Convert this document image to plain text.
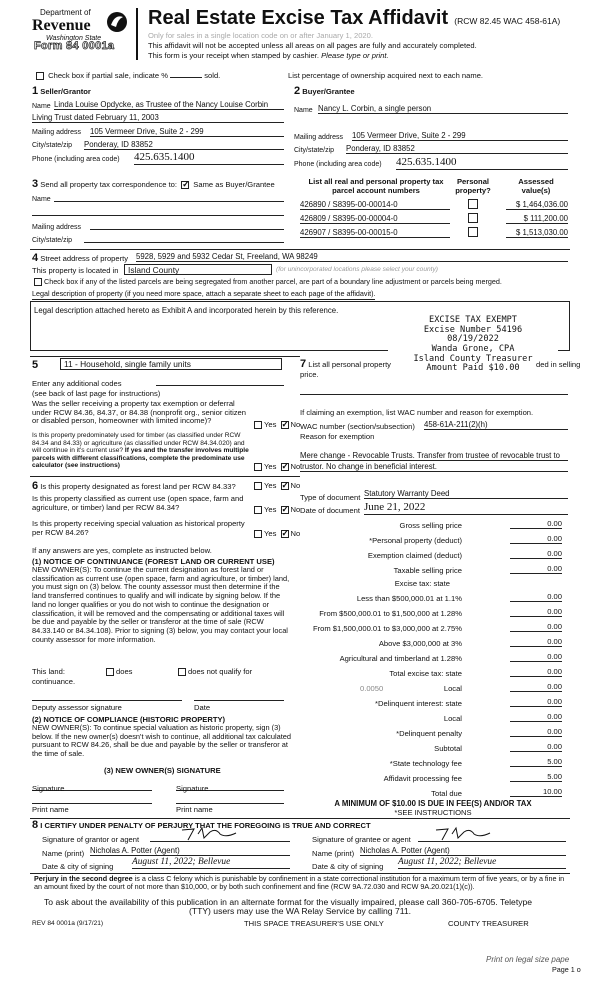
Department of
Revenue
Washington State
Form 84 0001a
Real Estate Excise Tax Affidavit (RCW 82.45 WAC 458-61A)
Only for sales in a single location code on or after January 1, 2020.
This affidavit will not be accepted unless all areas on all pages are fully and accurately completed.
This form is your receipt when stamped by cashier. Please type or print.
Check box if partial sale, indicate %	sold.	List percentage of ownership acquired next to each name.
1 Seller/Grantor
Name Linda Louise Opdycke, as Trustee of the Nancy Louise Corbin
Living Trust dated February 11, 2003
Mailing address 105 Vermeer Drive, Suite 2 - 299
City/state/zip Ponderay, ID 83852
Phone (including area code) 425.635.1400
2 Buyer/Grantee
Name Nancy L. Corbin, a single person
Mailing address 105 Vermeer Drive, Suite 2 - 299
City/state/zip Ponderay, ID 83852
Phone (including area code) 425.635.1400
3 Send all property tax correspondence to: ✓ Same as Buyer/Grantee
Name
Mailing address
City/state/zip
List all real and personal property tax parcel account numbers
Personal property?
Assessed value(s)
426890 / S8395-00-00014-0	$ 1,464,036.00
426809 / S8395-00-00004-0	$ 111,200.00
426907 / S8395-00-00015-0	$ 1,513,030.00
4 Street address of property 5928, 5929 and 5932 Cedar St, Freeland, WA 98249
This property is located in	Island County	(for unincorporated locations please select your county)
Check box if any of the listed parcels are being segregated from another parcel, are part of a boundary line adjustment or parcels being merged.
Legal description of property (if you need more space, attach a separate sheet to each page of the affidavit).
Legal description attached hereto as Exhibit A and incorporated herein by this reference.
EXCISE TAX EXEMPT
Excise Number 54196
08/19/2022
Wanda Grone, CPA
Island County Treasurer
Amount Paid $10.00
5	11 - Household, single family units
Enter any additional codes
(see back of last page for instructions)
Was the seller receiving a property tax exemption or deferral under RCW 84.36, 84.37, or 84.38 (nonprofit org., senior citizen or disabled person, homeowner with limited income)?	Yes ✓ No
Is this property predominately used for timber (as classified under RCW 84.34 and 84.33) or agriculture (as classified under RCW 84.34.020) and will continue in it's current use? If yes and the transfer involves multiple parcels with different classifications, complete the predominate use calculator (see instructions)	Yes ✓ No
6 Is this property designated as forest land per RCW 84.33?	Yes ✓ No
Is this property classified as current use (open space, farm and agriculture, or timber) land per RCW 84.34?	Yes ✓ No
Is this property receiving special valuation as historical property per RCW 84.26?	Yes ✓ No
If any answers are yes, complete as instructed below.
(1) NOTICE OF CONTINUANCE (FOREST LAND OR CURRENT USE)
NEW OWNER(S): To continue the current designation as forest land or classification as current use (open space, farm and agriculture, or timber) land, you must sign on (3) below. The county assessor must then determine if the land transferred continues to qualify and will indicate by signing below. If the land no longer qualifies or you do not wish to continue the designation or classification, it will be removed and the compensating or additional taxes will be due and payable by the seller or transferor at the time of sale (RCW 84.33.140 or 84.34.108). Prior to signing (3) below, you may contact your local county assessor for more information.
This land:	does	does not qualify for
continuance.
Deputy assessor signature	Date
(2) NOTICE OF COMPLIANCE (HISTORIC PROPERTY)
NEW OWNER(S): To continue special valuation as historic property, sign (3) below. If the new owner(s) doesn't wish to continue, all additional tax calculated pursuant to RCW 84.26, shall be due and payable by the seller or transferor at the time of sale.
(3) NEW OWNER(S) SIGNATURE
Signature	Signature
Print name	Print name
7 List all personal property	ded in selling
price.
If claiming an exemption, list WAC number and reason for exemption.
WAC number (section/subsection) 458-61A-211(2)(h)
Reason for exemption
Mere change - Revocable Trusts. Transfer from trustee of revocable trust to trustor. No change in beneficial interest.
Type of document Statutory Warranty Deed
Date of document June 21, 2022
Gross selling price	0.00
*Personal property (deduct)	0.00
Exemption claimed (deduct)	0.00
Taxable selling price	0.00
Excise tax: state
Less than $500,000.01 at 1.1%	0.00
From $500,000.01 to $1,500,000 at 1.28%	0.00
From $1,500,000.01 to $3,000,000 at 2.75%	0.00
Above $3,000,000 at 3%	0.00
Agricultural and timberland at 1.28%	0.00
Total excise tax: state	0.00
0.0050	Local	0.00
*Delinquent interest: state	0.00
Local	0.00
*Delinquent penalty	0.00
Subtotal	0.00
*State technology fee	5.00
Affidavit processing fee	5.00
Total due	10.00
A MINIMUM OF $10.00 IS DUE IN FEE(S) AND/OR TAX
*SEE INSTRUCTIONS
8 I CERTIFY UNDER PENALTY OF PERJURY THAT THE FOREGOING IS TRUE AND CORRECT
Signature of grantor or agent	Signature of grantee or agent
Name (print) Nicholas A. Potter (Agent)	Name (print) Nicholas A. Potter (Agent)
Date & city of signing August 11, 2022; Bellevue	Date & city of signing August 11, 2022; Bellevue
Perjury in the second degree is a class C felony which is punishable by confinement in a state correctional institution for a maximum term of five years, or by a fine in an amount fixed by the court of not more than $10,000, or by both such confinement and fine (RCW 9A.72.030 and RCW 9A.20.021(1)(c)).
To ask about the availability of this publication in an alternate format for the visually impaired, please call 360-705-6705. Teletype
(TTY) users may use the WA Relay Service by calling 711.
REV 84 0001a (9/17/21)	THIS SPACE TREASURER'S USE ONLY	COUNTY TREASURER
Print on legal size pape
Page 1 o
